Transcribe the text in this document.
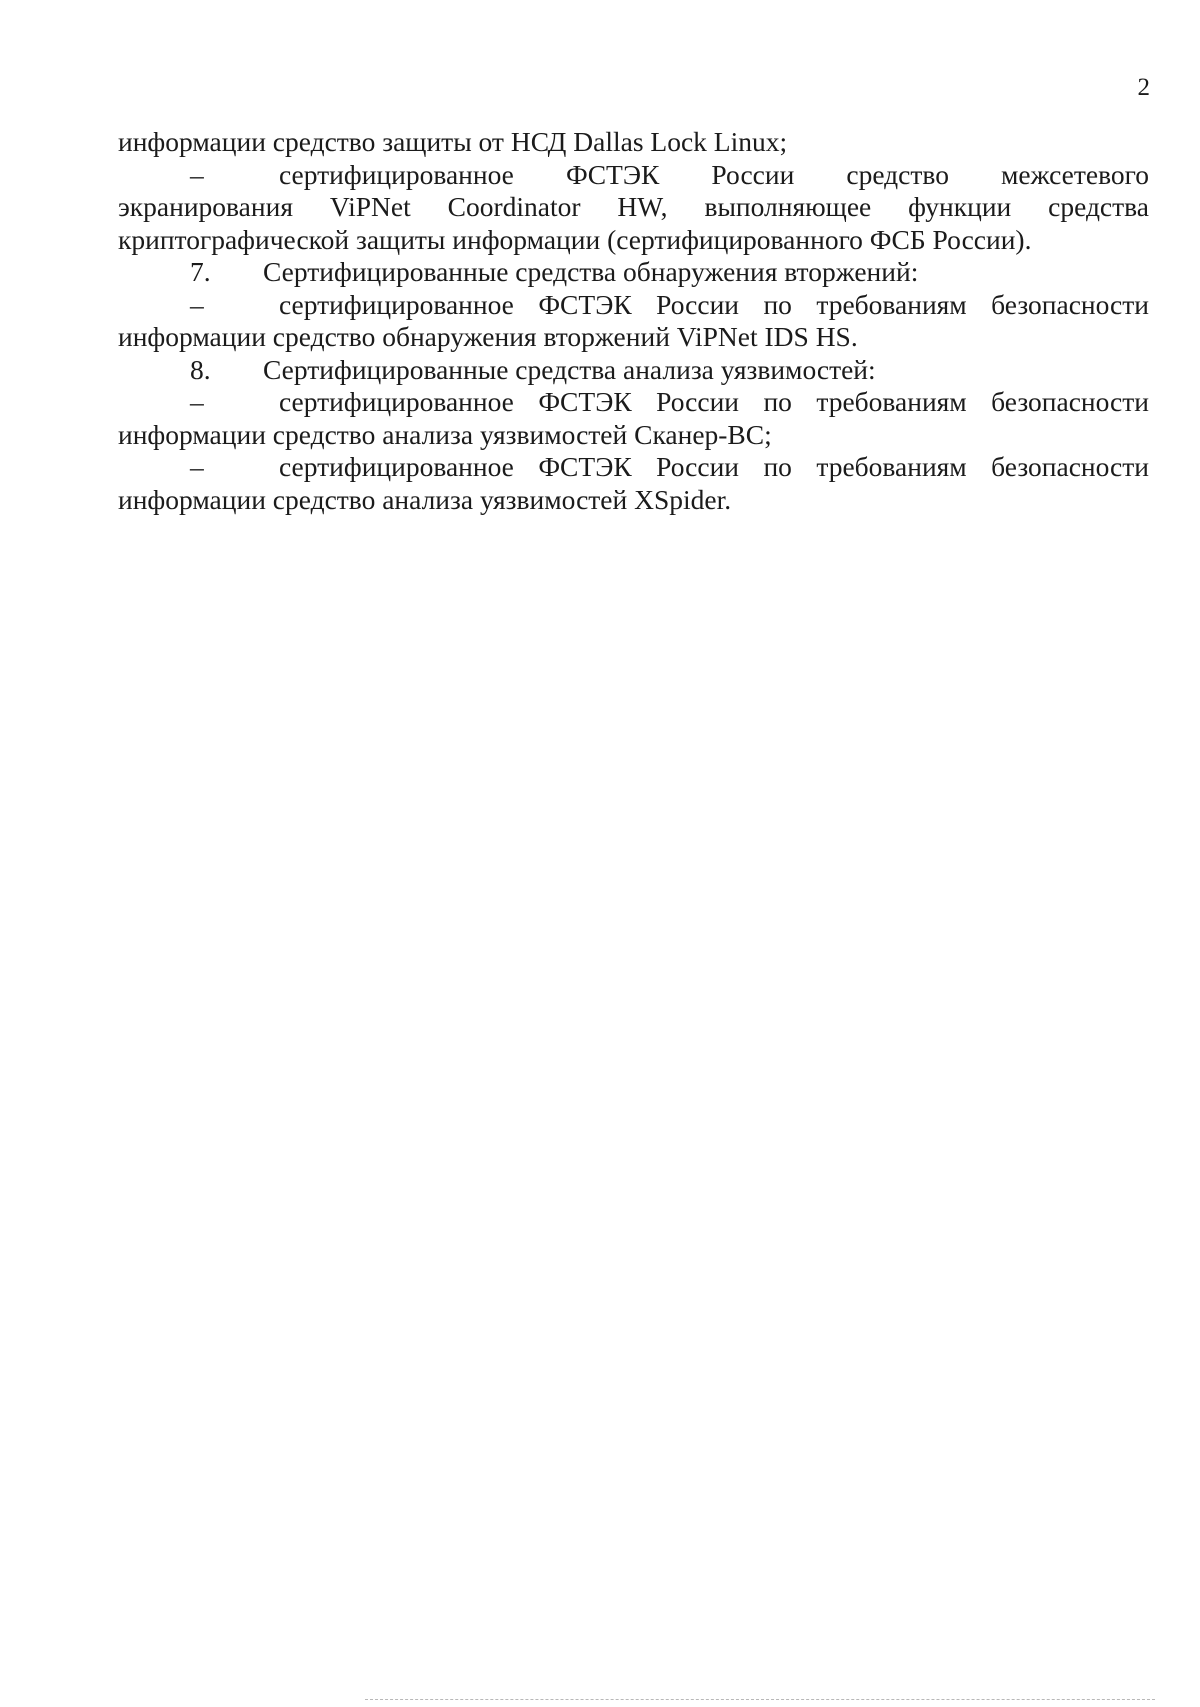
2

информации средство защиты от НСД Dallas Lock Linux;

–	сертифицированное ФСТЭК России средство межсетевого экранирования ViPNet Coordinator HW, выполняющее функции средства криптографической защиты информации (сертифицированного ФСБ России).

7. Сертифицированные средства обнаружения вторжений:

–	сертифицированное ФСТЭК России по требованиям безопасности информации средство обнаружения вторжений ViPNet IDS HS.

8. Сертифицированные средства анализа уязвимостей:

–	сертифицированное ФСТЭК России по требованиям безопасности информации средство анализа уязвимостей Сканер-ВС;

–	сертифицированное ФСТЭК России по требованиям безопасности информации средство анализа уязвимостей XSpider.
